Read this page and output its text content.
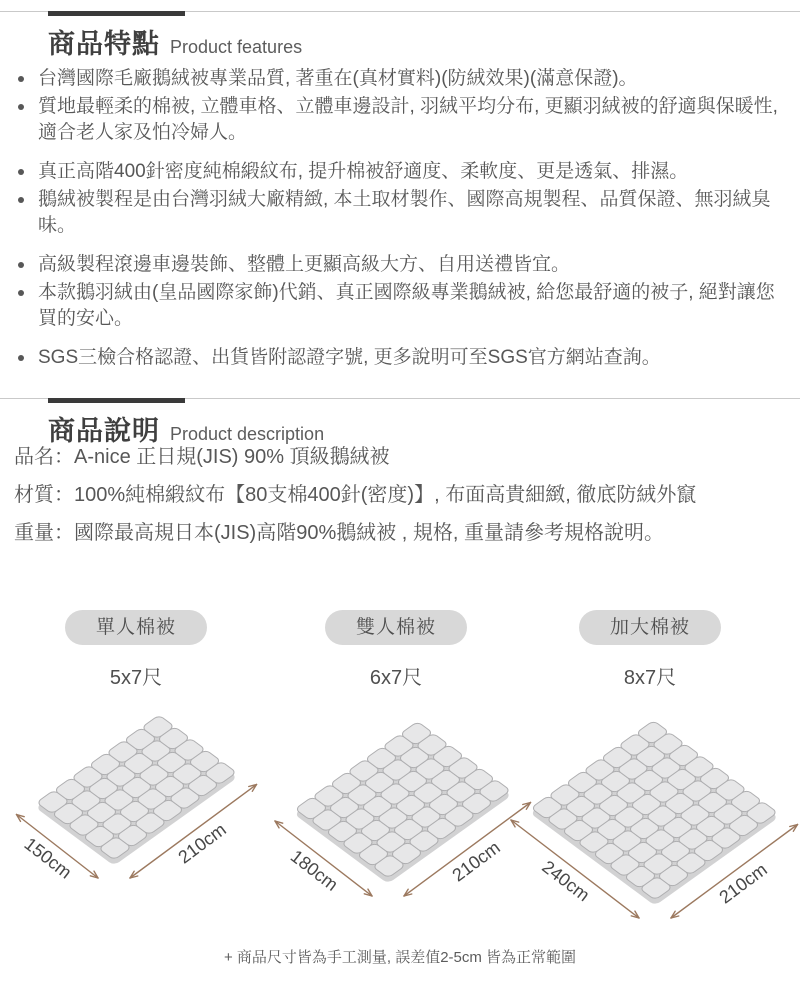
商品特點 Product features
台灣國際毛廠鵝絨被專業品質, 著重在(真材實料)(防絨效果)(滿意保證)。
質地最輕柔的棉被, 立體車格、立體車邊設計, 羽絨平均分布, 更顯羽絨被的舒適與保暖性, 適合老人家及怕冷婦人。
真正高階400針密度純棉緞紋布, 提升棉被舒適度、柔軟度、更是透氣、排濕。
鵝絨被製程是由台灣羽絨大廠精緻, 本土取材製作、國際高規製程、品質保證、無羽絨臭味。
高級製程滾邊車邊裝飾、整體上更顯高級大方、自用送禮皆宜。
本款鵝羽絨由(皇品國際家飾)代銷、真正國際級專業鵝絨被, 給您最舒適的被子, 絕對讓您買的安心。
SGS三檢合格認證、出貨皆附認證字號, 更多說明可至SGS官方網站查詢。
商品說明 Product description

品名：A-nice 正日規(JIS) 90% 頂級鵝絨被

材質：100%純棉緞紋布【80支棉400針(密度)】, 布面高貴細緻, 徹底防絨外竄

重量：國際最高規日本(JIS)高階90%鵝絨被 , 規格, 重量請參考規格說明。

單人棉被
5x7尺
雙人棉被
6x7尺
加大棉被
8x7尺
150cm	210cm
180cm	210cm 240cm	210cm
+ 商品尺寸皆為手工測量, 誤差值2-5cm 皆為正常範圍
